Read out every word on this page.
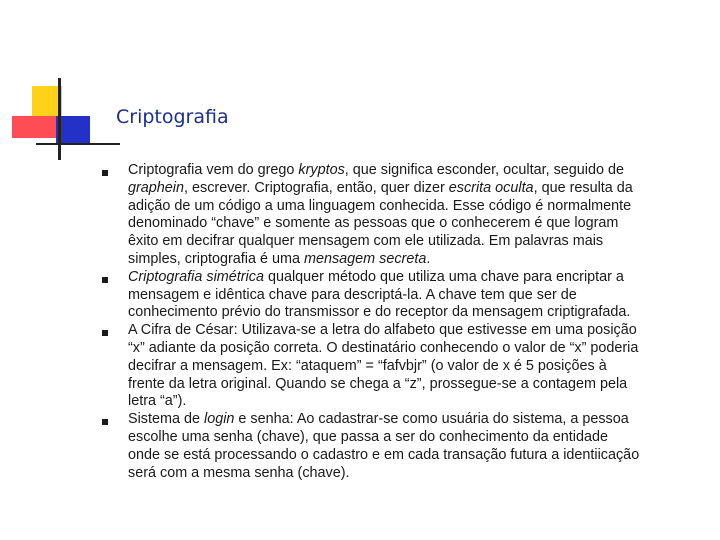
Criptografia
Criptografia vem do grego kryptos, que significa esconder, ocultar, seguido de
graphein, escrever. Criptografia, então, quer dizer escrita oculta, que resulta da
adição de um código a uma linguagem conhecida. Esse código é normalmente
denominado “chave” e somente as pessoas que o conhecerem é que logram
êxito em decifrar qualquer mensagem com ele utilizada. Em palavras mais
simples, criptografia é uma mensagem secreta.
Criptografia simétrica qualquer método que utiliza uma chave para encriptar a
mensagem e idêntica chave para descriptá-la. A chave tem que ser de
conhecimento prévio do transmissor e do receptor da mensagem criptigrafada.
A Cifra de César: Utilizava-se a letra do alfabeto que estivesse em uma posição
“x” adiante da posição correta. O destinatário conhecendo o valor de “x” poderia
decifrar a mensagem. Ex: “ataquem” = “fafvbjr” (o valor de x é 5 posições à
frente da letra original. Quando se chega a “z”, prossegue-se a contagem pela
letra “a”).
Sistema de login e senha: Ao cadastrar-se como usuária do sistema, a pessoa
escolhe uma senha (chave), que passa a ser do conhecimento da entidade
onde se está processando o cadastro e em cada transação futura a identiicação
será com a mesma senha (chave).
